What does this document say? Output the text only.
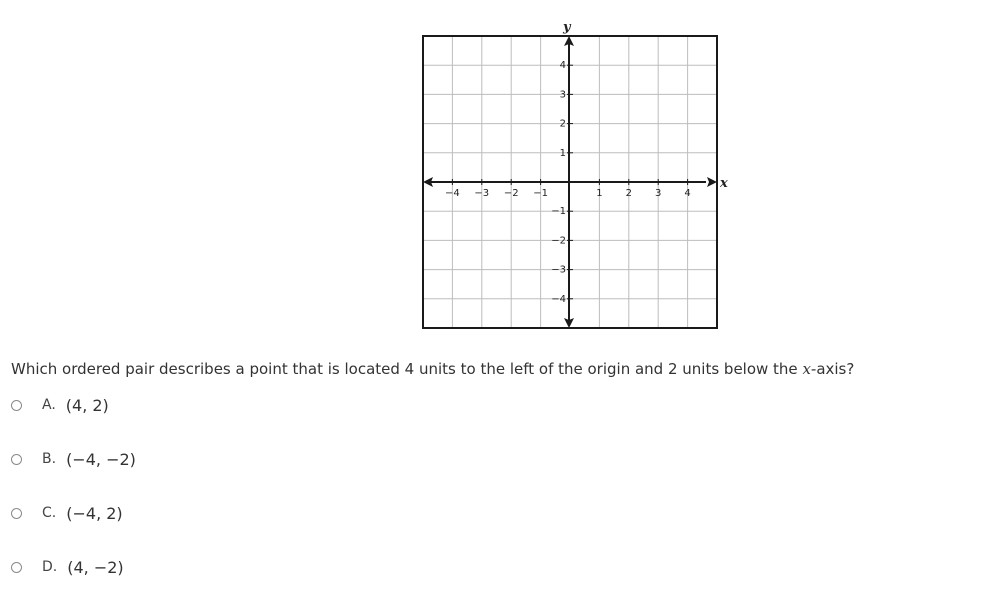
−4 −3 −2 −1	1 2 3 4
4
3
2
1
−1
−2
−3
−4
y
x
Which ordered pair describes a point that is located 4 units to the left of the origin and 2 units below the x-axis?
A. (4, 2)
B. (−4, −2)
C. (−4, 2)
D. (4, −2)
